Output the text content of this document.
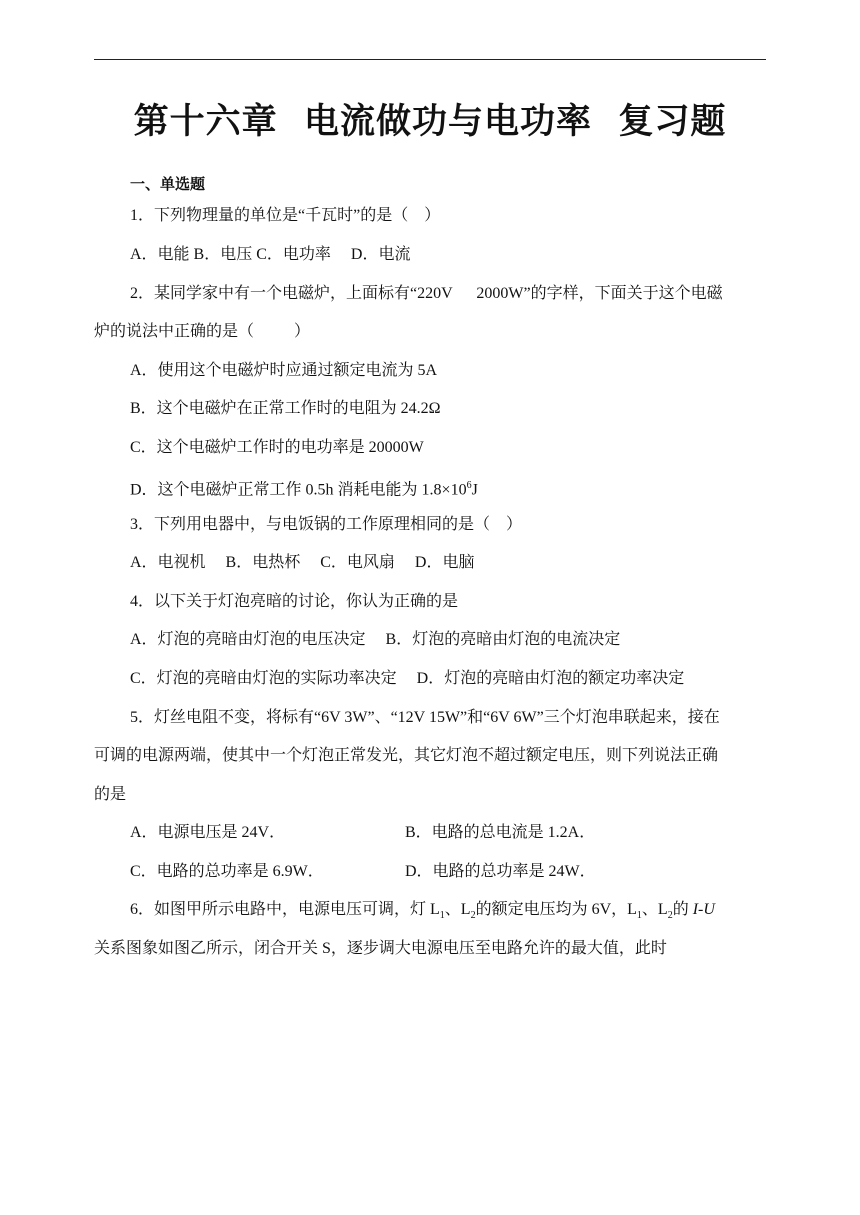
第十六章  电流做功与电功率  复习题
一、单选题
1．下列物理量的单位是“千瓦时”的是（    ）
A．电能 B．电压 C．电功率     D．电流
2．某同学家中有一个电磁炉，上面标有“220V      2000W”的字样，下面关于这个电磁
炉的说法中正确的是（          ）
A．使用这个电磁炉时应通过额定电流为 5A
B．这个电磁炉在正常工作时的电阻为 24.2Ω
C．这个电磁炉工作时的电功率是 20000W
D．这个电磁炉正常工作 0.5h 消耗电能为 $1.8\times 10^6J$
3．下列用电器中，与电饭锅的工作原理相同的是（    ）
A．电视机     B．电热杯     C．电风扇     D．电脑
4．以下关于灯泡亮暗的讨论，你认为正确的是
A．灯泡的亮暗由灯泡的电压决定     B．灯泡的亮暗由灯泡的电流决定
C．灯泡的亮暗由灯泡的实际功率决定     D．灯泡的亮暗由灯泡的额定功率决定
5．灯丝电阻不变，将标有“6V 3W”、“12V 15W”和“6V 6W”三个灯泡串联起来，接在
可调的电源两端，使其中一个灯泡正常发光，其它灯泡不超过额定电压，则下列说法正确
的是
A．电源电压是 24V．	B．电路的总电流是 1.2A．
C．电路的总功率是 6.9W．	D．电路的总功率是 24W．
6．如图甲所示电路中，电源电压可调，灯 $L_1$、$L_2$的额定电压均为 6V，$L_1$、$L_2$的 I-U
关系图象如图乙所示，闭合开关 S，逐步调大电源电压至电路允许的最大值，此时
